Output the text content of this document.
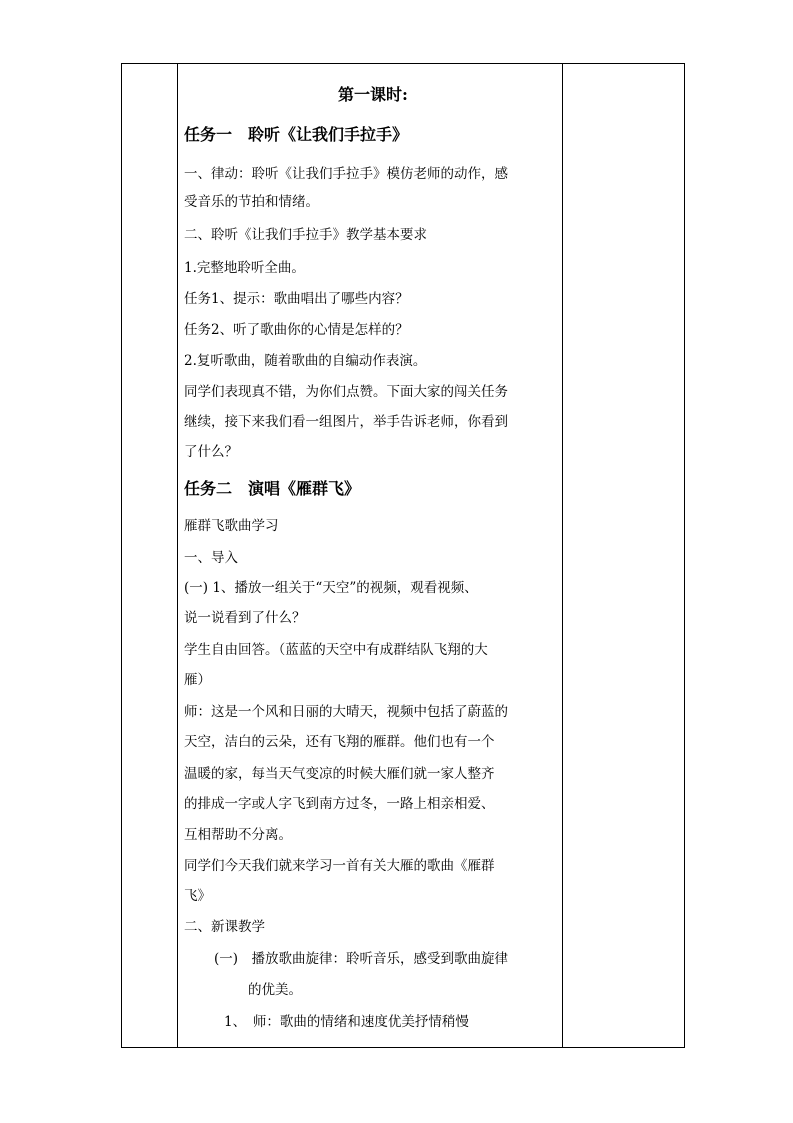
第一课时:
任务一　聆听《让我们手拉手》
一、律动：聆听《让我们手拉手》模仿老师的动作，感
受音乐的节拍和情绪。
二、聆听《让我们手拉手》教学基本要求
1.完整地聆听全曲。
任务1、提示：歌曲唱出了哪些内容？
任务2、听了歌曲你的心情是怎样的？
2.复听歌曲，随着歌曲的自编动作表演。
同学们表现真不错，为你们点赞。下面大家的闯关任务
继续，接下来我们看一组图片，举手告诉老师，你看到
了什么？
任务二　演唱《雁群飞》
雁群飞歌曲学习
一、导入
(一) 1、播放一组关于“天空”的视频，观看视频、
说一说看到了什么？
学生自由回答。（蓝蓝的天空中有成群结队飞翔的大
雁）
师：这是一个风和日丽的大晴天，视频中包括了蔚蓝的
天空，洁白的云朵，还有飞翔的雁群。他们也有一个
温暖的家，每当天气变凉的时候大雁们就一家人整齐
的排成一字或人字飞到南方过冬，一路上相亲相爱、
互相帮助不分离。
同学们今天我们就来学习一首有关大雁的歌曲《雁群
飞》
二、新课教学
(一)　播放歌曲旋律：聆听音乐，感受到歌曲旋律
的优美。
1、　师：歌曲的情绪和速度优美抒情稍慢
